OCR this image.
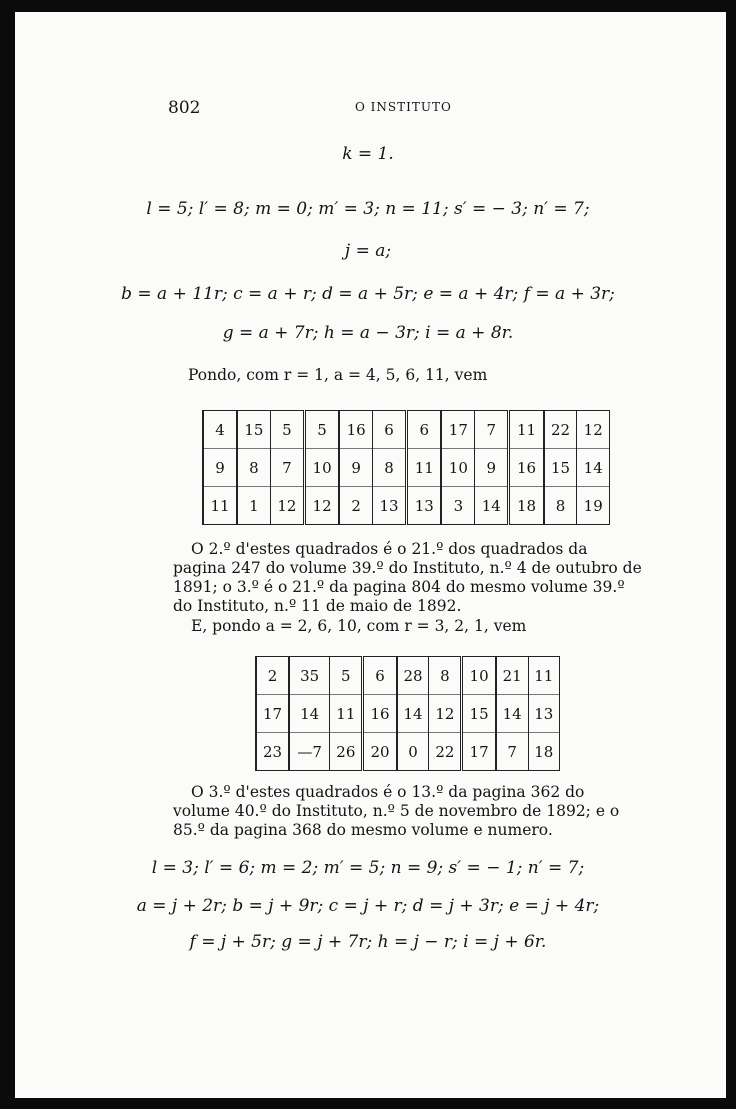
802	O INSTITUTO
k = 1.
l = 5; l′ = 8; m = 0; m′ = 3; n = 11; s′ = − 3; n′ = 7;
j = a;
b = a + 11r; c = a + r; d = a + 5r; e = a + 4r; f = a + 3r;
g = a + 7r; h = a − 3r; i = a + 8r.
Pondo, com r = 1, a = 4, 5, 6, 11, vem
4	15	5	5	16	6	6	17	7	11	22	12
9	8	7	10	9	8	11	10	9	16	15	14
11	1	12	12	2	13	13	3	14	18	8	19
O 2.º d'estes quadrados é o 21.º dos quadrados da pagina 247 do volume 39.º do Instituto, n.º 4 de outubro de 1891; o 3.º é o 21.º da pagina 804 do mesmo volume 39.º do Instituto, n.º 11 de maio de 1892.
E, pondo a = 2, 6, 10, com r = 3, 2, 1, vem
2	35	5	6	28	8	10	21	11
17	14	11	16	14	12	15	14	13
23	—7	26	20	0	22	17	7	18
O 3.º d'estes quadrados é o 13.º da pagina 362 do volume 40.º do Instituto, n.º 5 de novembro de 1892; e o 85.º da pagina 368 do mesmo volume e numero.
l = 3; l′ = 6; m = 2; m′ = 5; n = 9; s′ = − 1; n′ = 7;
a = j + 2r; b = j + 9r; c = j + r; d = j + 3r; e = j + 4r;
f = j + 5r; g = j + 7r; h = j − r; i = j + 6r.
